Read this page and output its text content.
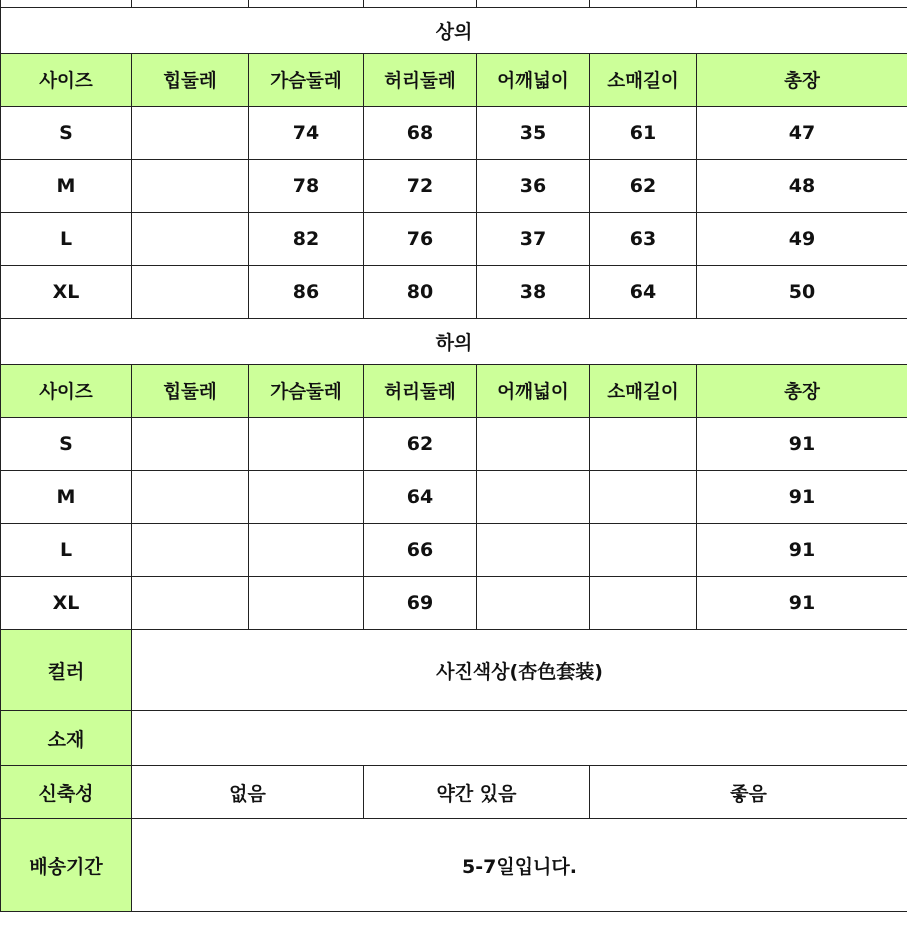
상의						
사이즈	힙둘레	가슴둘레	허리둘레	어깨넓이	소매길이	총장
S		74	68	35	61	47
M		78	72	36	62	48
L		82	76	37	63	49
XL		86	80	38	64	50
하의						
사이즈	힙둘레	가슴둘레	허리둘레	어깨넓이	소매길이	총장
S			62			91
M			64			91
L			66			91
XL			69			91
컬러	사진색상(杏色套装)					
소재						
신축성	없음		약간 있음		좋음	
배송기간	5-7일입니다.					
